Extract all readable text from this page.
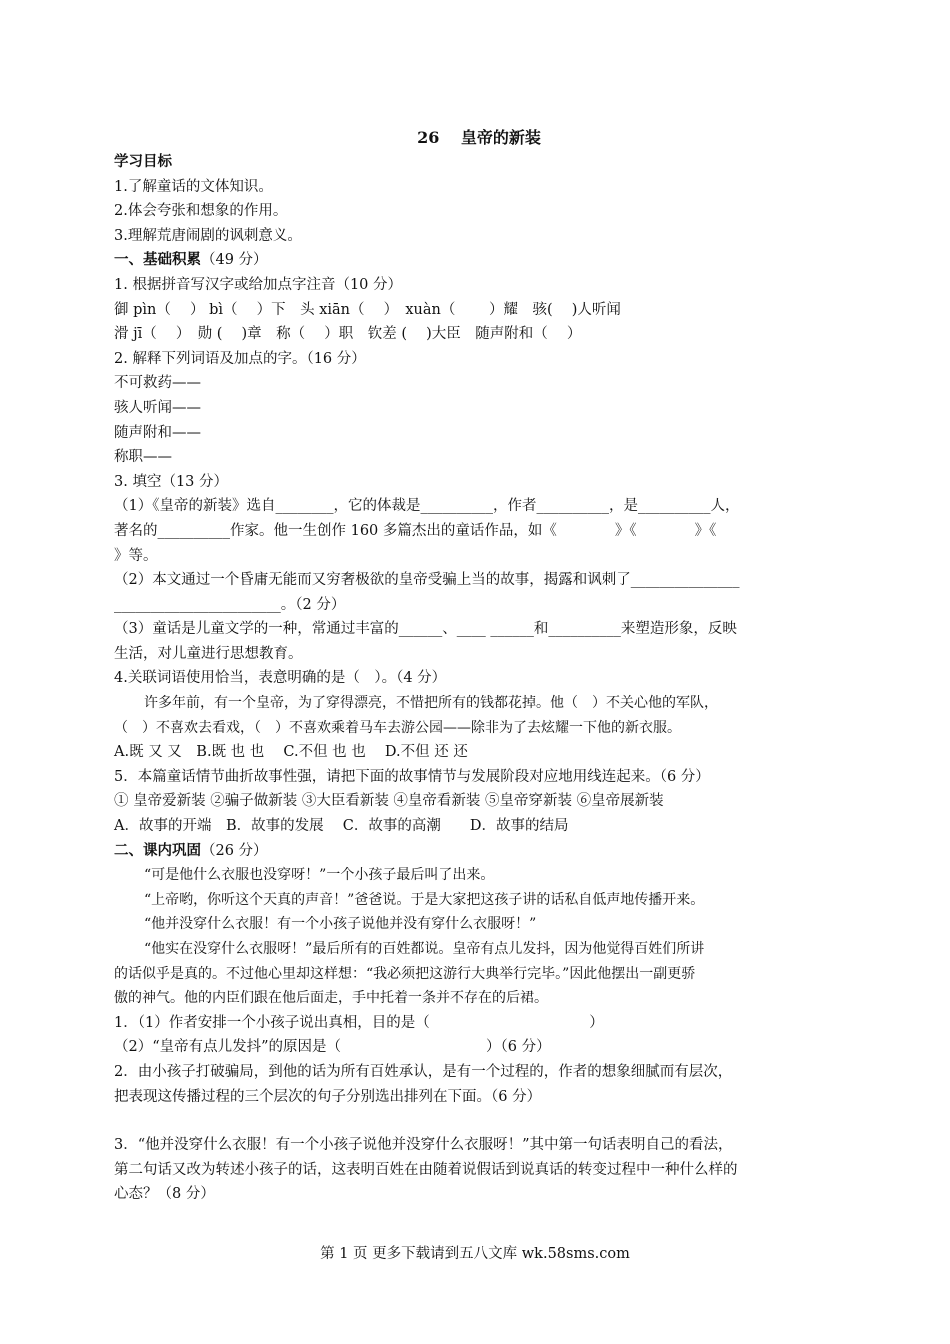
26　 皇帝的新装
学习目标
1.了解童话的文体知识。
2.体会夸张和想象的作用。
3.理解荒唐闹剧的讽刺意义。
一、基础积累（49 分）
1. 根据拼音写汉字或给加点字注音（10 分）
御 pìn（　 ） bì（　 ）下　头 xiān（　 ）　xuàn（　　 ）耀　骇(　 )人听闻
滑 jī（　 ）　勋 (　 )章　称（　 ）职　钦差 (　 )大臣　随声附和（　 ）
2. 解释下列词语及加点的字。（16 分）
不可救药——
骇人听闻——
随声附和——
称职——
3. 填空（13 分）
（1）《皇帝的新装》选自________，它的体裁是__________，作者__________，是__________人，
著名的__________作家。他一生创作 160 多篇杰出的童话作品，如《　　　　》《　　　　》《
》等。
（2）本文通过一个昏庸无能而又穷奢极欲的皇帝受骗上当的故事，揭露和讽刺了_______________
_______________________。（2 分）
（3）童话是儿童文学的一种，常通过丰富的______、____ ______和__________来塑造形象，反映
生活，对儿童进行思想教育。
4.关联词语使用恰当，表意明确的是（　）。（4 分）
许多年前，有一个皇帝，为了穿得漂亮，不惜把所有的钱都花掉。他（　）不关心他的军队，
（　）不喜欢去看戏，（　）不喜欢乘着马车去游公园——除非为了去炫耀一下他的新衣服。
A.既 又 又　B.既 也 也　 C.不但 也 也　 D.不但 还 还
5．本篇童话情节曲折故事性强，请把下面的故事情节与发展阶段对应地用线连起来。（6 分）
① 皇帝爱新装 ②骗子做新装 ③大臣看新装 ④皇帝看新装 ⑤皇帝穿新装 ⑥皇帝展新装
A．故事的开端　B．故事的发展　 C．故事的高潮　　D．故事的结局
二、课内巩固（26 分）
“可是他什么衣服也没穿呀！”一个小孩子最后叫了出来。
“上帝哟，你听这个天真的声音！”爸爸说。于是大家把这孩子讲的话私自低声地传播开来。
“他并没穿什么衣服！有一个小孩子说他并没有穿什么衣服呀！”
“他实在没穿什么衣服呀！”最后所有的百姓都说。皇帝有点儿发抖，因为他觉得百姓们所讲
的话似乎是真的。不过他心里却这样想：“我必须把这游行大典举行完毕。”因此他摆出一副更骄
傲的神气。他的内臣们跟在他后面走，手中托着一条并不存在的后裙。
1．（1）作者安排一个小孩子说出真相，目的是（　　　　　　　　　　　）
（2）“皇帝有点儿发抖”的原因是（　　　　　　　　　　）（6 分）
2．由小孩子打破骗局，到他的话为所有百姓承认，是有一个过程的，作者的想象细腻而有层次，
把表现这传播过程的三个层次的句子分别选出排列在下面。（6 分）
3．“他并没穿什么衣服！有一个小孩子说他并没穿什么衣服呀！”其中第一句话表明自己的看法，
第二句话又改为转述小孩子的话，这表明百姓在由随着说假话到说真话的转变过程中一种什么样的
心态？（8 分）
第 1 页 更多下载请到五八文库 wk.58sms.com
